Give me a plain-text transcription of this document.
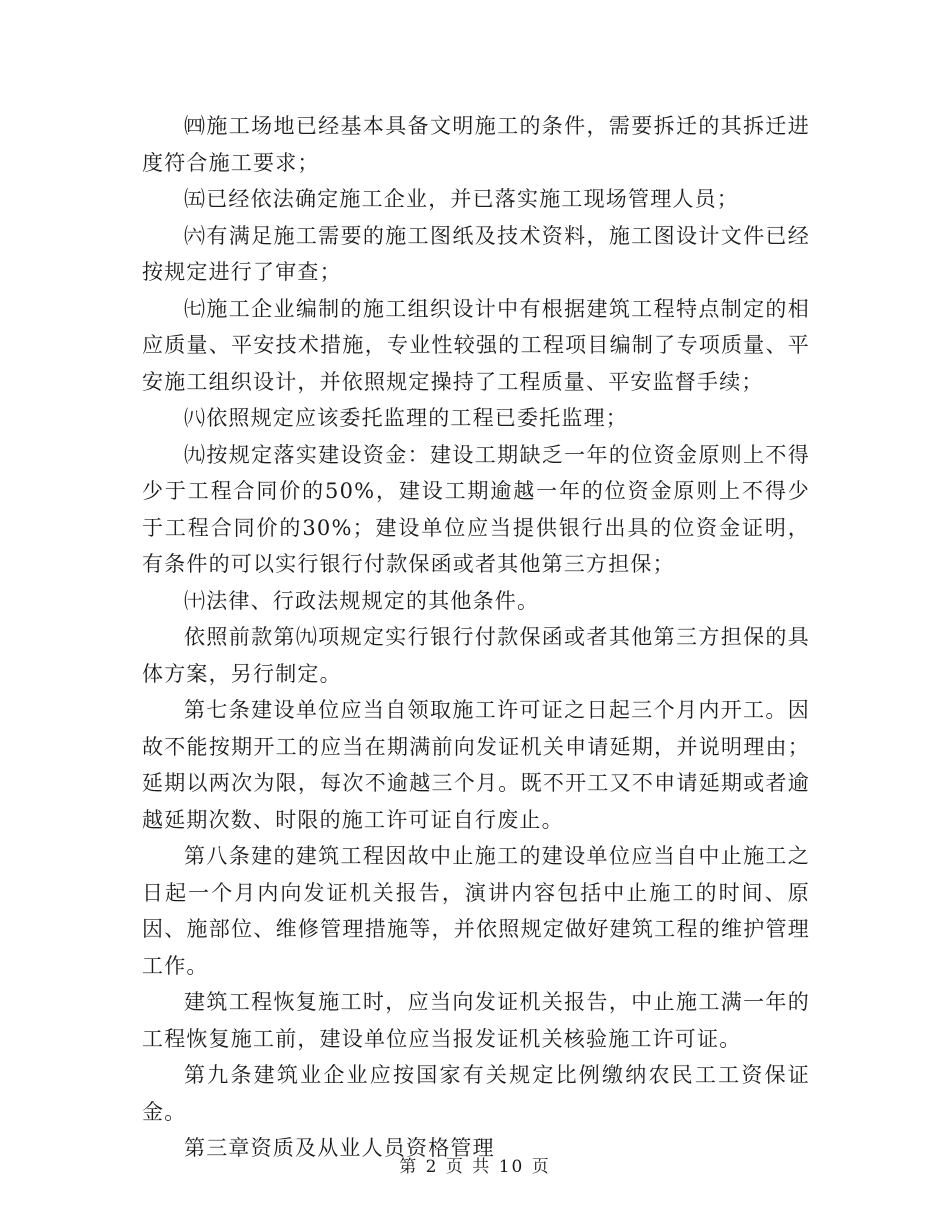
㈣施工场地已经基本具备文明施工的条件，需要拆迁的其拆迁进度符合施工要求；

㈤已经依法确定施工企业，并已落实施工现场管理人员；

㈥有满足施工需要的施工图纸及技术资料，施工图设计文件已经按规定进行了审查；

㈦施工企业编制的施工组织设计中有根据建筑工程特点制定的相应质量、平安技术措施，专业性较强的工程项目编制了专项质量、平安施工组织设计，并依照规定操持了工程质量、平安监督手续；

㈧依照规定应该委托监理的工程已委托监理；

㈨按规定落实建设资金：建设工期缺乏一年的位资金原则上不得少于工程合同价的50%，建设工期逾越一年的位资金原则上不得少于工程合同价的30%；建设单位应当提供银行出具的位资金证明，有条件的可以实行银行付款保函或者其他第三方担保；

㈩法律、行政法规规定的其他条件。

依照前款第㈨项规定实行银行付款保函或者其他第三方担保的具体方案，另行制定。

第七条建设单位应当自领取施工许可证之日起三个月内开工。因故不能按期开工的应当在期满前向发证机关申请延期，并说明理由；延期以两次为限，每次不逾越三个月。既不开工又不申请延期或者逾越延期次数、时限的施工许可证自行废止。

第八条建的建筑工程因故中止施工的建设单位应当自中止施工之日起一个月内向发证机关报告，演讲内容包括中止施工的时间、原因、施部位、维修管理措施等，并依照规定做好建筑工程的维护管理工作。

建筑工程恢复施工时，应当向发证机关报告，中止施工满一年的工程恢复施工前，建设单位应当报发证机关核验施工许可证。

第九条建筑业企业应按国家有关规定比例缴纳农民工工资保证金。

第三章资质及从业人员资格管理

第 2 页 共 10 页
